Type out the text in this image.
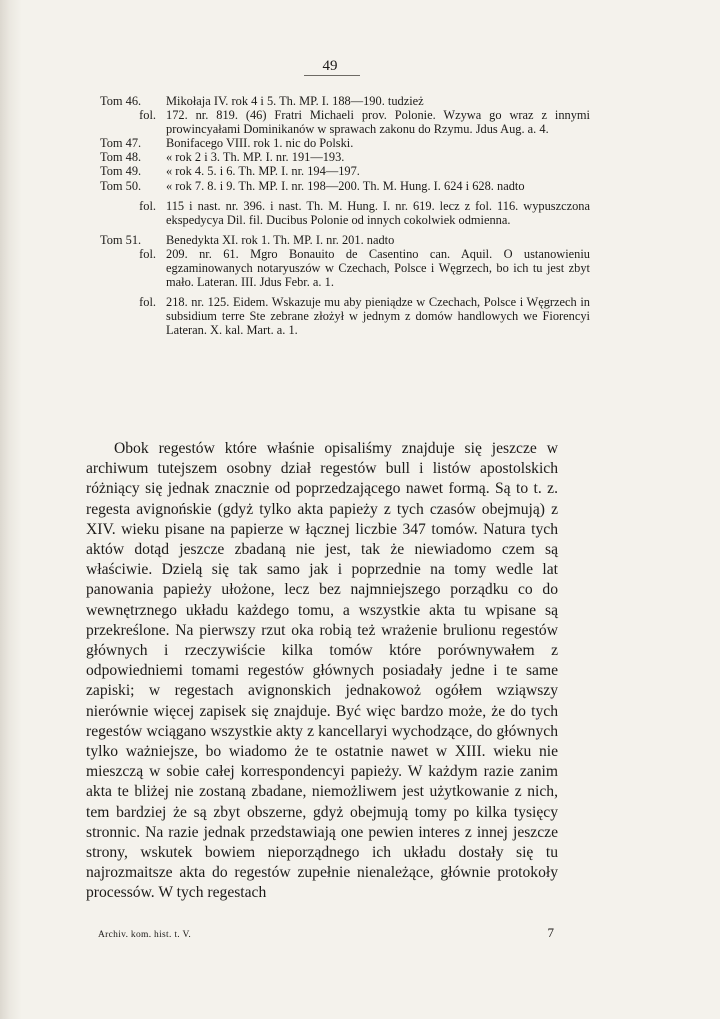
49
Tom 46.	Mikołaja IV. rok 4 i 5. Th. MP. I. 188—190. tudzież
fol. 172. nr. 819. (46) Fratri Michaeli prov. Polonie. Wzywa go wraz z innymi prowincyałami Dominikanów w sprawach zakonu do Rzymu. Jdus Aug. a. 4.
Tom 47.	Bonifacego VIII. rok 1. nic do Polski.
Tom 48.	« rok 2 i 3. Th. MP. I. nr. 191—193.
Tom 49.	« rok 4. 5. i 6. Th. MP. I. nr. 194—197.
Tom 50.	« rok 7. 8. i 9. Th. MP. I. nr. 198—200. Th. M. Hung. I. 624 i 628. nadto
fol. 115 i nast. nr. 396. i nast. Th. M. Hung. I. nr. 619. lecz z fol. 116. wypuszczona ekspedycya Dil. fil. Ducibus Polonie od innych cokolwiek odmienna.
Tom 51.	Benedykta XI. rok 1. Th. MP. I. nr. 201. nadto
fol. 209. nr. 61. Mgro Bonauito de Casentino can. Aquil. O ustanowieniu egzaminowanych notaryuszów w Czechach, Polsce i Węgrzech, bo ich tu jest zbyt mało. Lateran. III. Jdus Febr. a. 1.
fol. 218. nr. 125. Eidem. Wskazuje mu aby pieniądze w Czechach, Polsce i Węgrzech in subsidium terre Ste zebrane złożył w jednym z domów handlowych we Fiorencyi Lateran. X. kal. Mart. a. 1.

Obok regestów które właśnie opisaliśmy znajduje się jeszcze w archiwum tutejszem osobny dział regestów bull i listów apostolskich różniący się jednak znacznie od poprzedzającego nawet formą. Są to t. z. regesta avignońskie (gdyż tylko akta papieży z tych czasów obejmują) z XIV. wieku pisane na papierze w łącznej liczbie 347 tomów. Natura tych aktów dotąd jeszcze zbadaną nie jest, tak że niewiadomo czem są właściwie. Dzielą się tak samo jak i poprzednie na tomy wedle lat panowania papieży ułożone, lecz bez najmniejszego porządku co do wewnętrznego układu każdego tomu, a wszystkie akta tu wpisane są przekreślone. Na pierwszy rzut oka robią też wrażenie brulionu regestów głównych i rzeczywiście kilka tomów które porównywałem z odpowiedniemi tomami regestów głównych posiadały jedne i te same zapiski; w regestach avignonskich jednakowoż ogółem wziąwszy nierównie więcej zapisek się znajduje. Być więc bardzo może, że do tych regestów wciągano wszystkie akty z kancellaryi wychodzące, do głównych tylko ważniejsze, bo wiadomo że te ostatnie nawet w XIII. wieku nie mieszczą w sobie całej korrespondencyi papieży. W każdym razie zanim akta te bliżej nie zostaną zbadane, niemożliwem jest użytkowanie z nich, tem bardziej że są zbyt obszerne, gdyż obejmują tomy po kilka tysięcy stronnic. Na razie jednak przedstawiają one pewien interes z innej jeszcze strony, wskutek bowiem nieporządnego ich układu dostały się tu najrozmaitsze akta do regestów zupełnie nienależące, głównie protokoły processów. W tych regestach

Archiv. kom. hist. t. V.	7
